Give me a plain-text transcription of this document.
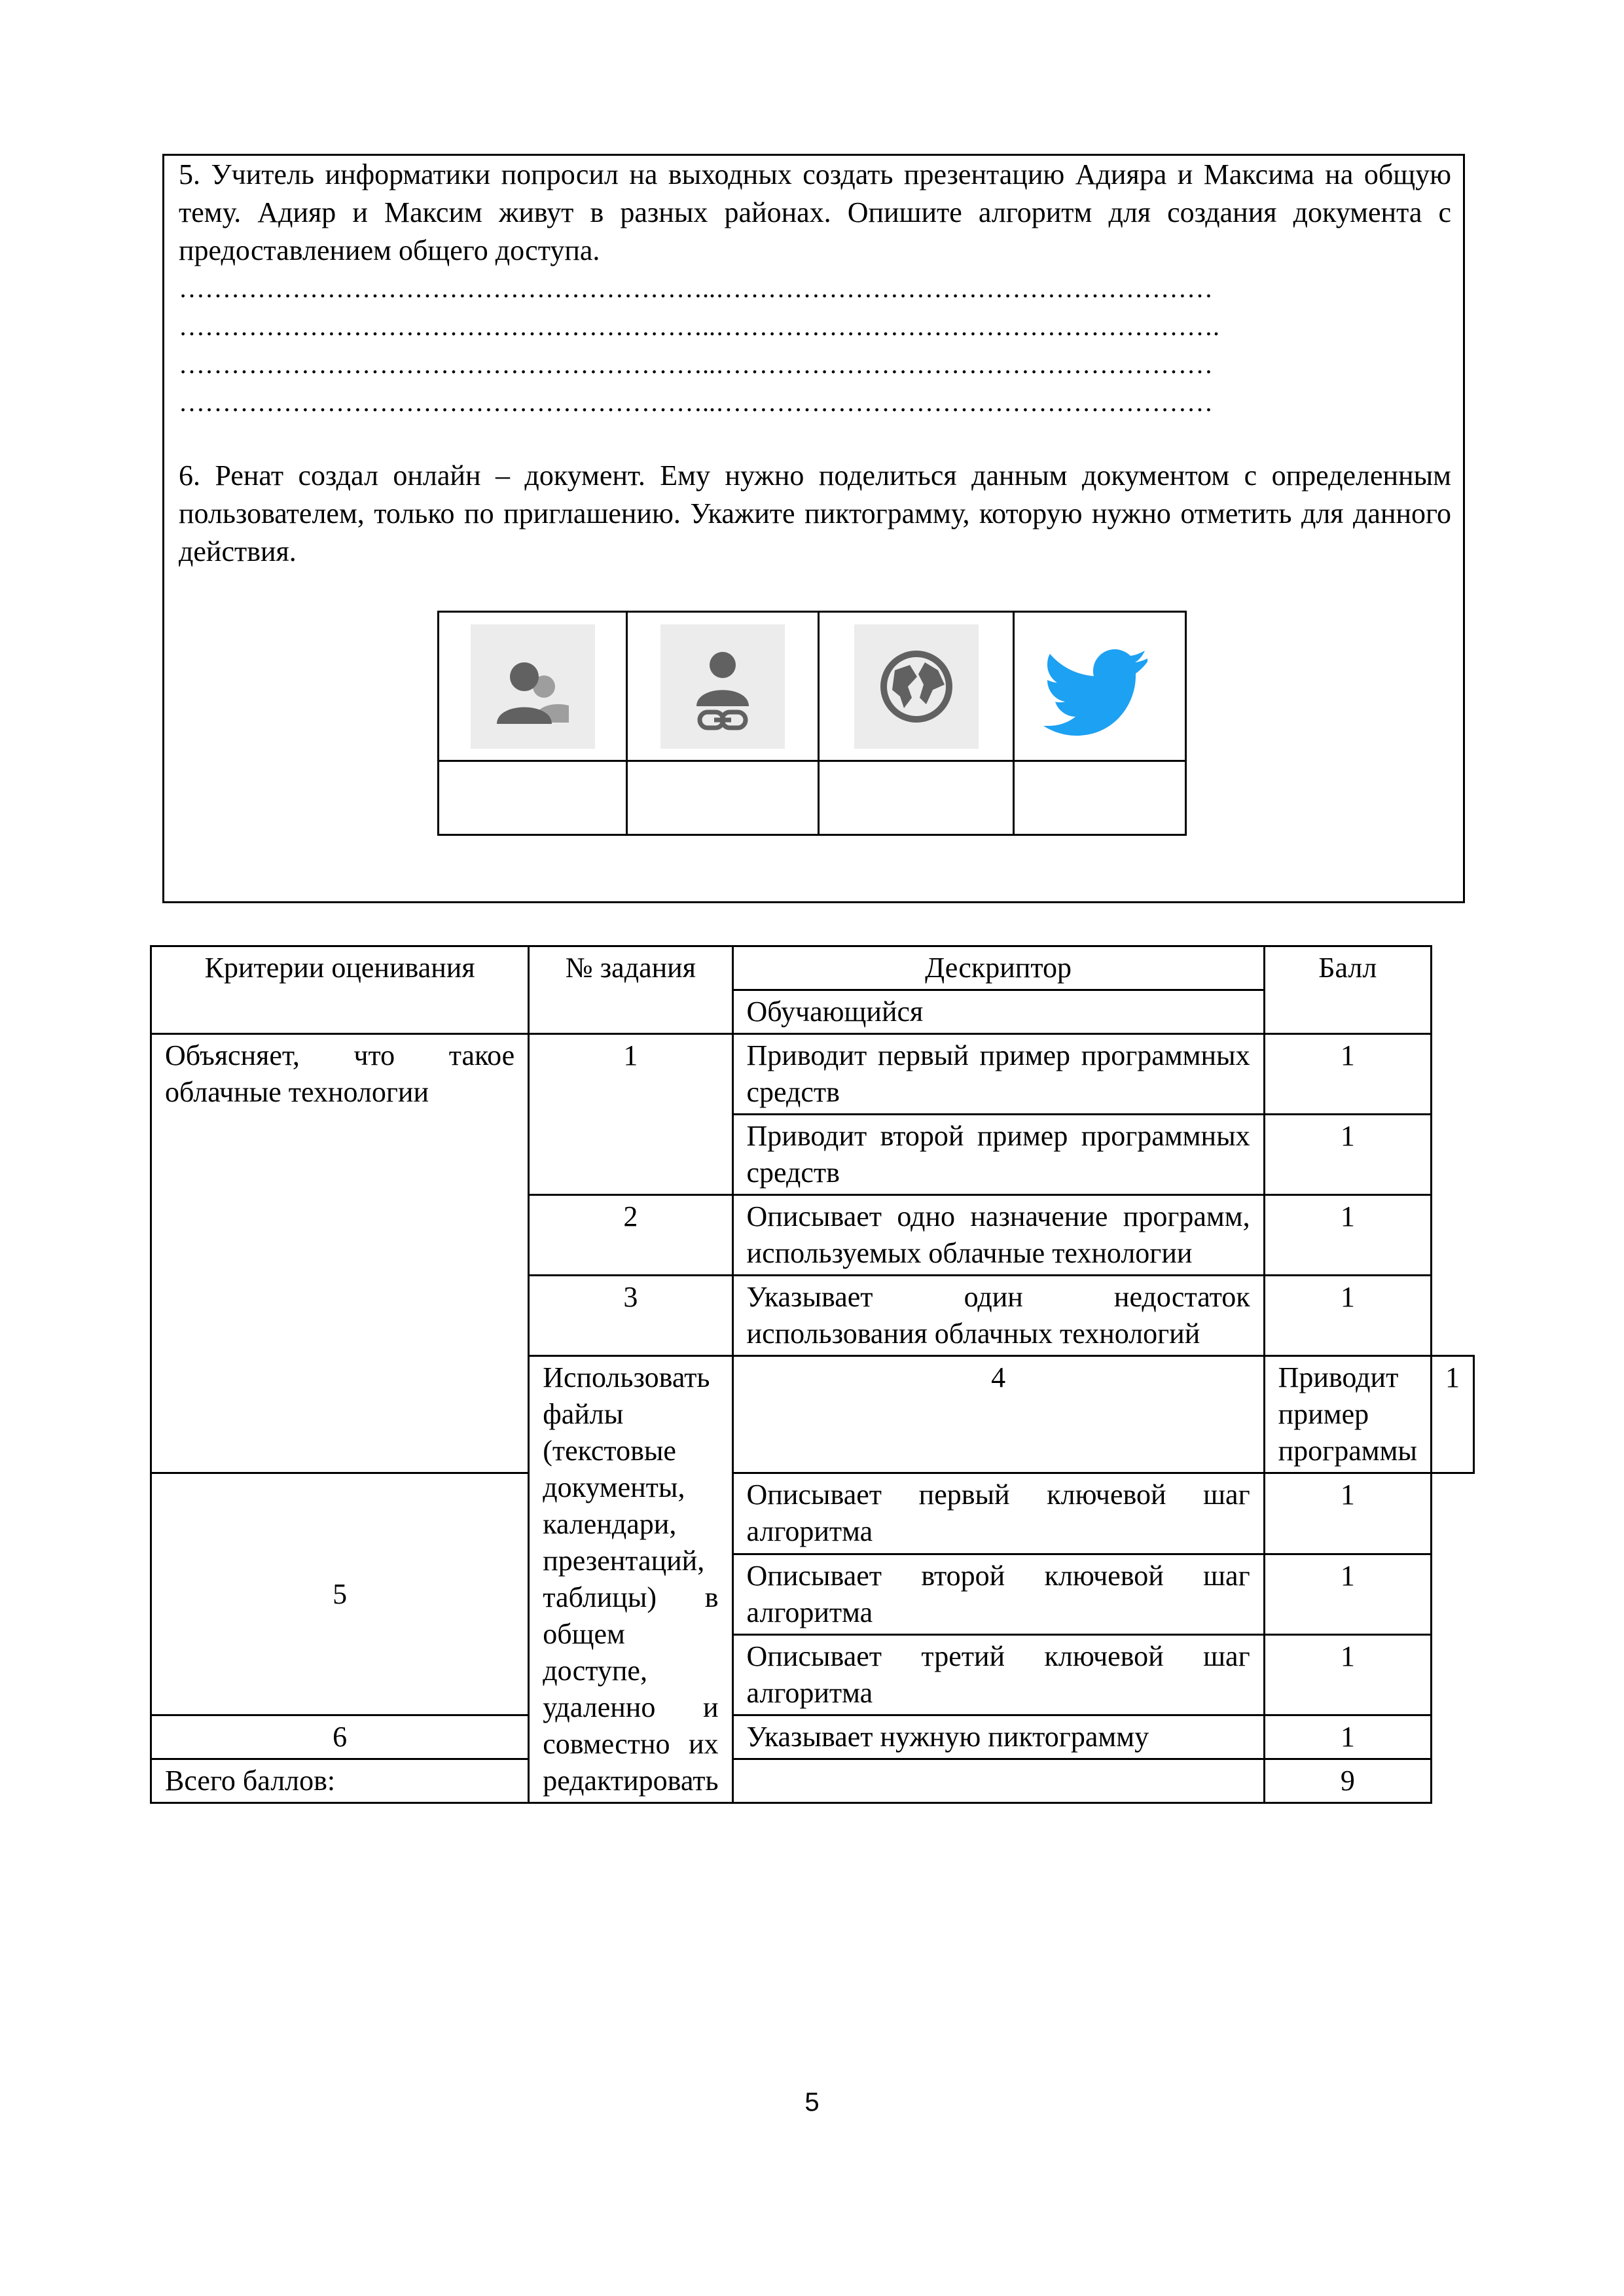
5. Учитель информатики попросил на выходных создать презентацию Адияра и Максима на общую тему. Адияр и Максим живут в разных районах. Опишите алгоритм для создания документа с предоставлением общего доступа.
……………………………………………………..…………………………………………………
……………………………………………………..………………………………………………….
……………………………………………………..…………………………………………………
……………………………………………………..…………………………………………………
6. Ренат создал онлайн – документ. Ему нужно поделиться данным документом с определенным пользователем, только по приглашению. Укажите пиктограмму, которую нужно отметить для данного действия.

Критерии оценивания	№ задания	Дескриптор	Балл	
		Обучающийся		
Объясняет, что такое облачные технологии	1	Приводит первый пример программных средств	1	
		Приводит второй пример программных средств	1	
	2	Описывает одно назначение программ, используемых облачные технологии	1	
	3	Указывает один недостаток использования облачных технологий	1	
	Использовать файлы (текстовые документы, календари, презентаций, таблицы) в общем доступе, удаленно и совместно их редактировать	4	Приводит пример программы	1
5		Описывает первый ключевой шаг алгоритма	1	
		Описывает второй ключевой шаг алгоритма	1	
		Описывает третий ключевой шаг алгоритма	1	
6		Указывает нужную пиктограмму	1	
Всего баллов:			9	
5
